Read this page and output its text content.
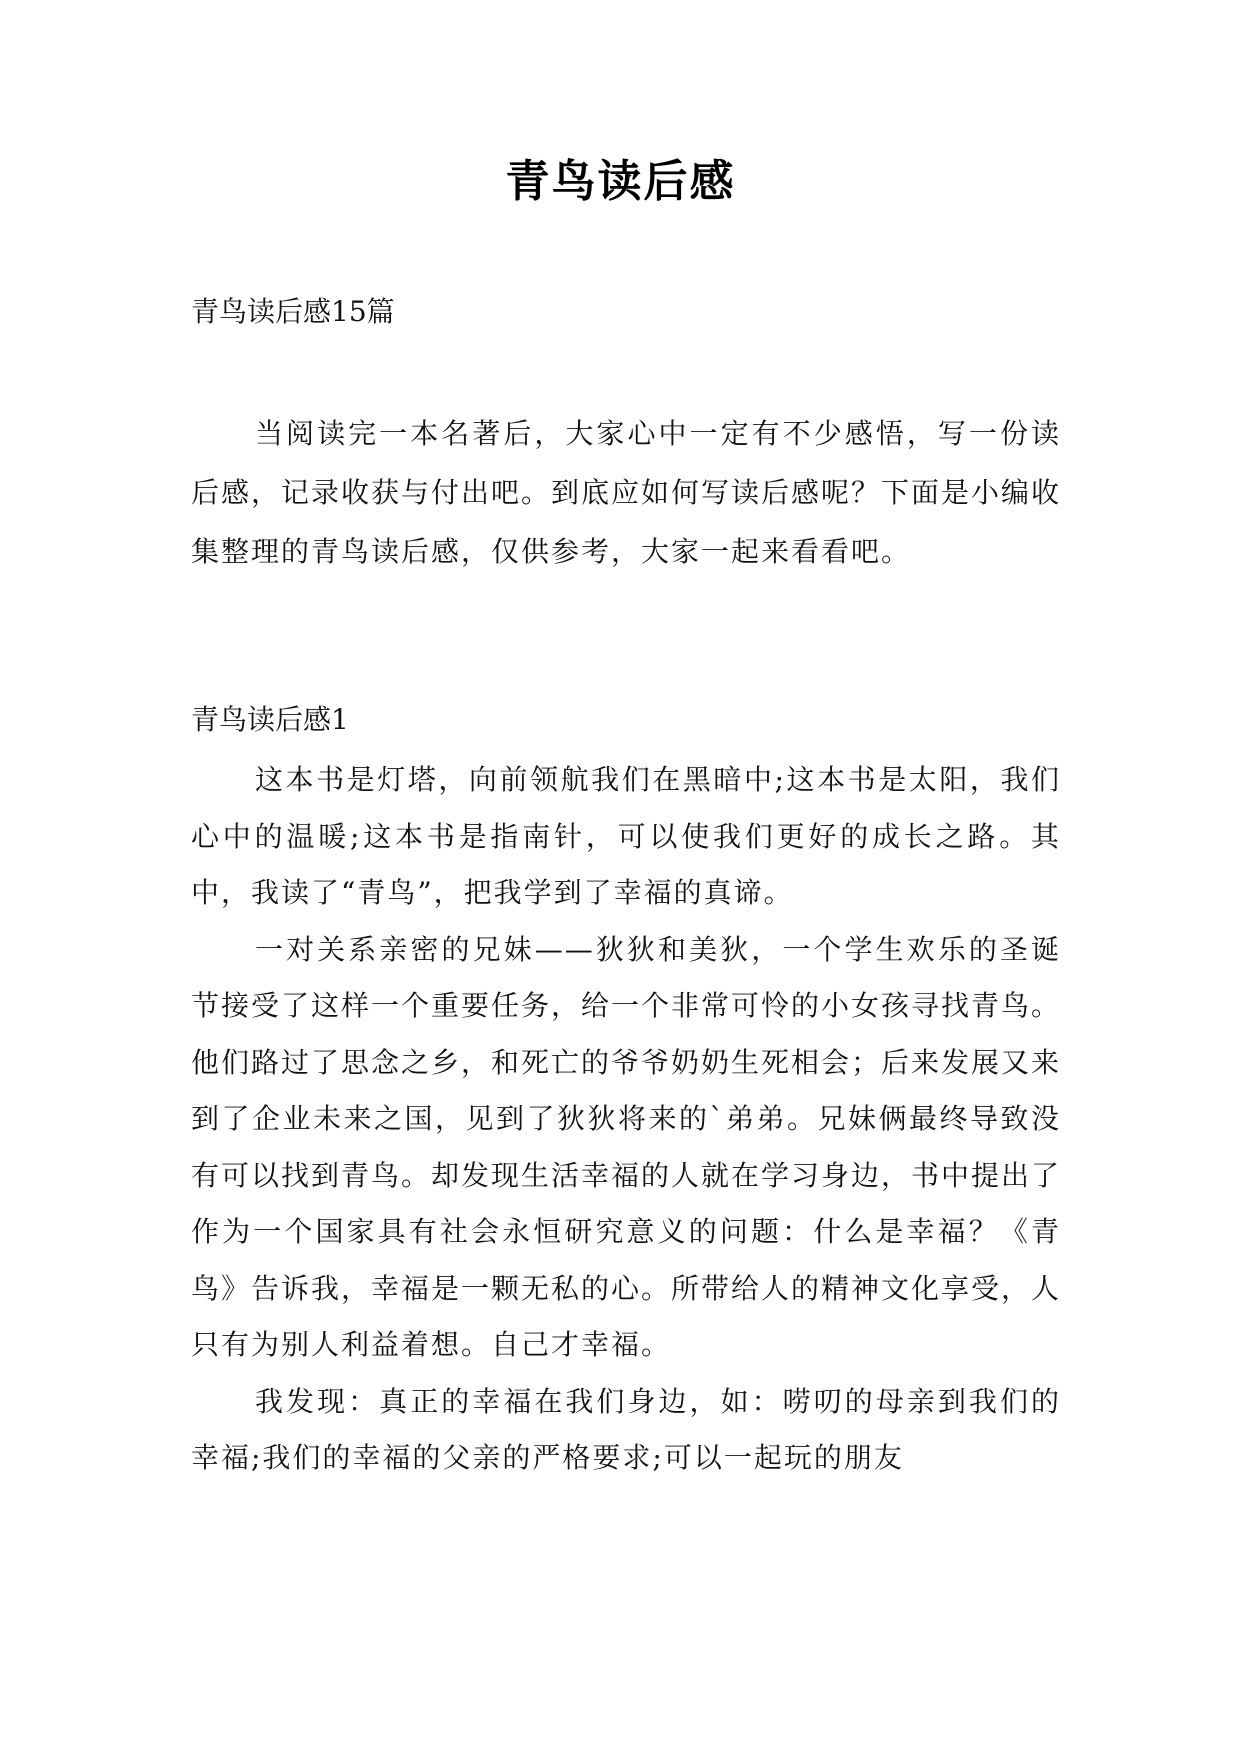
青鸟读后感
青鸟读后感15篇

当阅读完一本名著后，大家心中一定有不少感悟，写一份读后感，记录收获与付出吧。到底应如何写读后感呢？下面是小编收集整理的青鸟读后感，仅供参考，大家一起来看看吧。

青鸟读后感1

这本书是灯塔，向前领航我们在黑暗中;这本书是太阳，我们心中的温暖;这本书是指南针，可以使我们更好的成长之路。其中，我读了“青鸟”，把我学到了幸福的真谛。

一对关系亲密的兄妹——狄狄和美狄，一个学生欢乐的圣诞节接受了这样一个重要任务，给一个非常可怜的小女孩寻找青鸟。他们路过了思念之乡，和死亡的爷爷奶奶生死相会；后来发展又来到了企业未来之国，见到了狄狄将来的`弟弟。兄妹俩最终导致没有可以找到青鸟。却发现生活幸福的人就在学习身边，书中提出了作为一个国家具有社会永恒研究意义的问题：什么是幸福？《青鸟》告诉我，幸福是一颗无私的心。所带给人的精神文化享受，人只有为别人利益着想。自己才幸福。

我发现：真正的幸福在我们身边，如：唠叨的母亲到我们的幸福;我们的幸福的父亲的严格要求;可以一起玩的朋友
